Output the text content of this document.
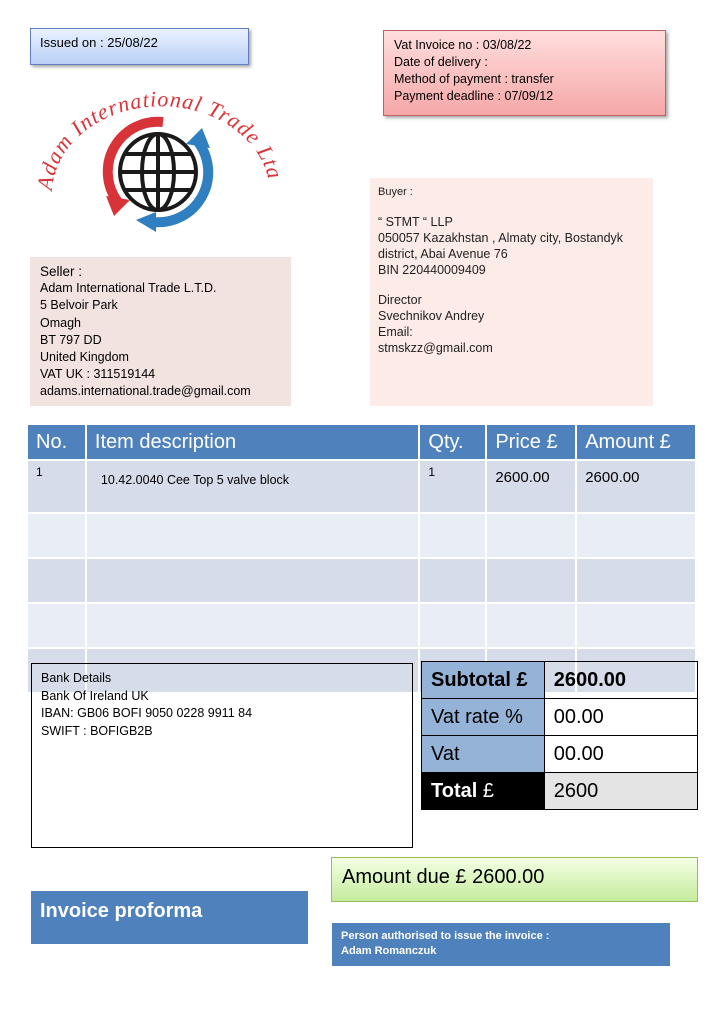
Issued on : 25/08/22	Vat Invoice no : 03/08/22
Date of delivery :
Method of payment : transfer
Payment deadline : 07/09/12
am International Trade L
Buyer :
“ STMT “ LLP
050057 Kazakhstan , Almaty city, Bostandyk
district, Abai Avenue 76
BIN 220440009409
Director
Svechnikov Andrey
Email:
stmskzz@gmail.com
Seller :
Adam International Trade L.T.D.
5 Belvoir Park
Omagh
BT 797 DD
United Kingdom
VAT UK : 311519144
adams.international.trade@gmail.com
No.	Item description	Qty.	Price £	Amount £
1	10.42.0040 Cee Top 5 valve block	1	2600.00	2600.00

Bank Details
Bank Of Ireland UK
IBAN: GB06 BOFI 9050 0228 9911 84
SWIFT : BOFIGB2B
Subtotal £	2600.00
Vat rate %	00.00
Vat	00.00
Total £	2600
Amount due £ 2600.00
Invoice proforma
Person authorised to issue the invoice :
Adam Romanczuk
